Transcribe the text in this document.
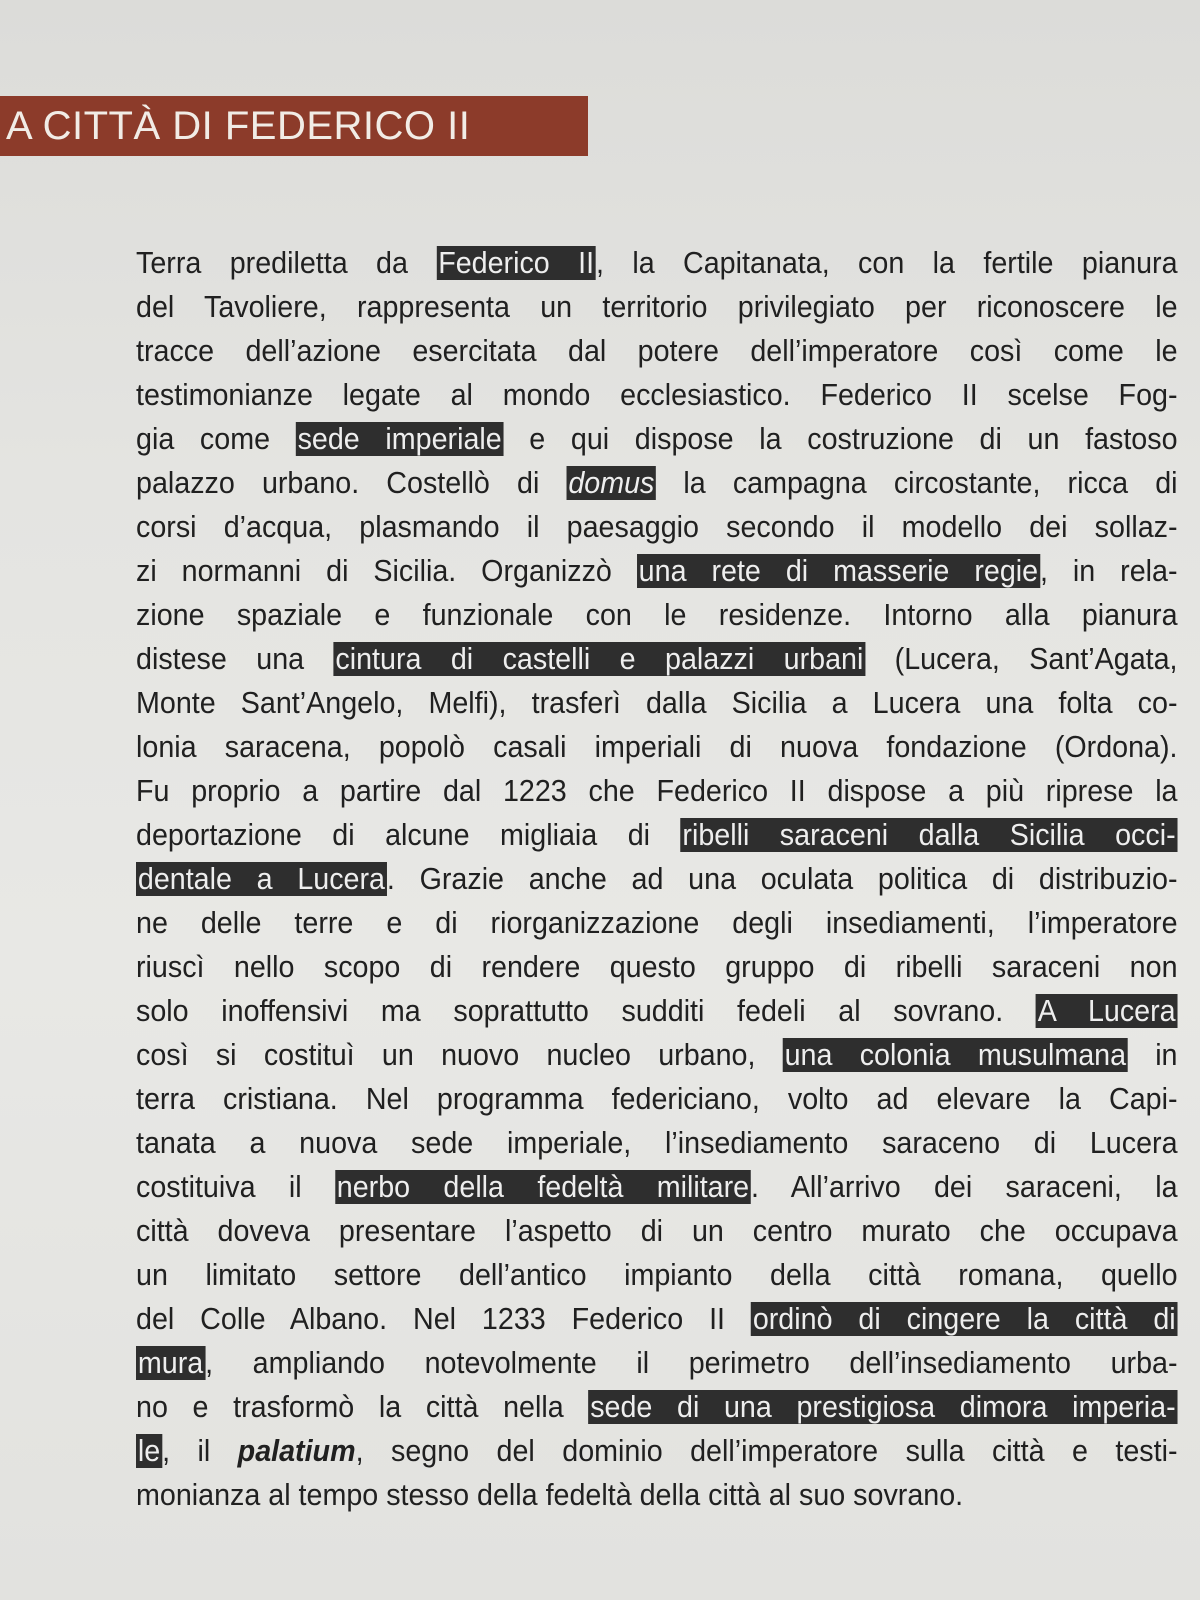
A CITTÀ DI FEDERICO II
Terra prediletta da Federico II, la Capitanata, con la fertile pianura
del Tavoliere, rappresenta un territorio privilegiato per riconoscere le
tracce dell’azione esercitata dal potere dell’imperatore così come le
testimonianze legate al mondo ecclesiastico. Federico II scelse Fog-
gia come sede imperiale e qui dispose la costruzione di un fastoso
palazzo urbano. Costellò di domus la campagna circostante, ricca di
corsi d’acqua, plasmando il paesaggio secondo il modello dei sollaz-
zi normanni di Sicilia. Organizzò una rete di masserie regie, in rela-
zione spaziale e funzionale con le residenze. Intorno alla pianura
distese una cintura di castelli e palazzi urbani (Lucera, Sant’Agata,
Monte Sant’Angelo, Melfi), trasferì dalla Sicilia a Lucera una folta co-
lonia saracena, popolò casali imperiali di nuova fondazione (Ordona).
Fu proprio a partire dal 1223 che Federico II dispose a più riprese la
deportazione di alcune migliaia di ribelli saraceni dalla Sicilia occi-
dentale a Lucera. Grazie anche ad una oculata politica di distribuzio-
ne delle terre e di riorganizzazione degli insediamenti, l’imperatore
riuscì nello scopo di rendere questo gruppo di ribelli saraceni non
solo inoffensivi ma soprattutto sudditi fedeli al sovrano. A Lucera
così si costituì un nuovo nucleo urbano, una colonia musulmana in
terra cristiana. Nel programma federiciano, volto ad elevare la Capi-
tanata a nuova sede imperiale, l’insediamento saraceno di Lucera
costituiva il nerbo della fedeltà militare. All’arrivo dei saraceni, la
città doveva presentare l’aspetto di un centro murato che occupava
un limitato settore dell’antico impianto della città romana, quello
del Colle Albano. Nel 1233 Federico II ordinò di cingere la città di
mura, ampliando notevolmente il perimetro dell’insediamento urba-
no e trasformò la città nella sede di una prestigiosa dimora imperia-
le, il palatium, segno del dominio dell’imperatore sulla città e testi-
monianza al tempo stesso della fedeltà della città al suo sovrano.
